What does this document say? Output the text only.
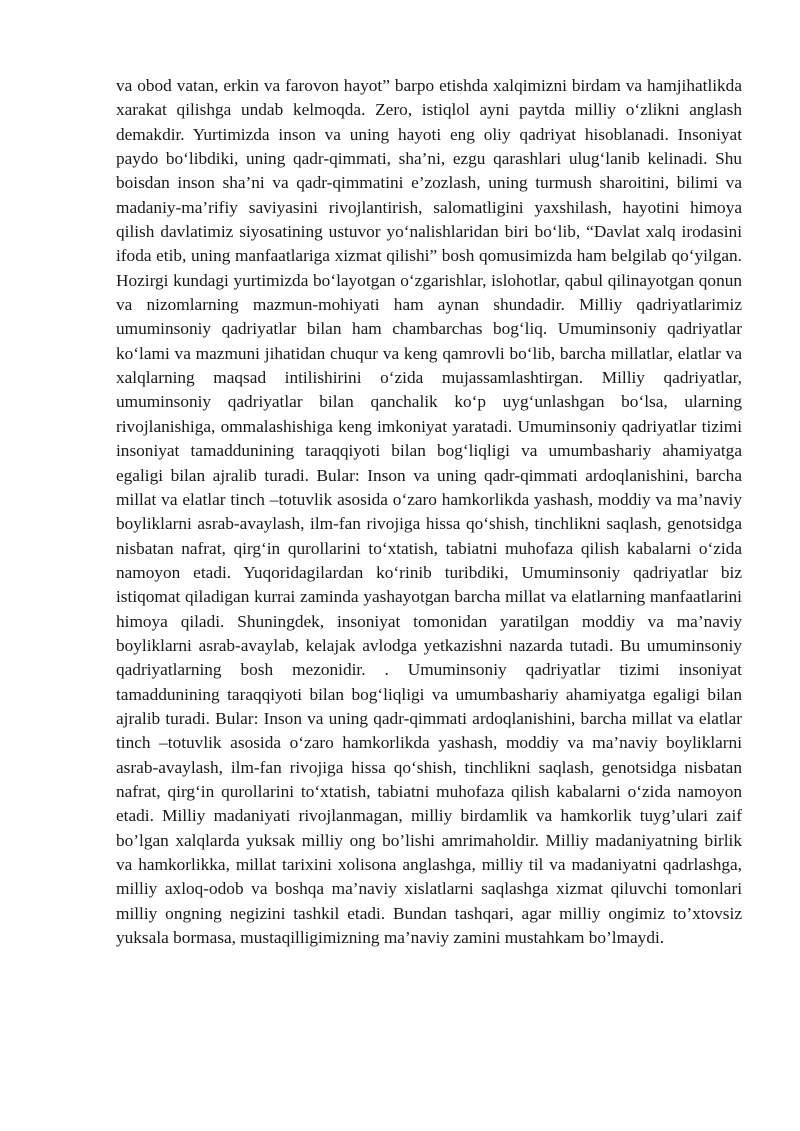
va obod vatan, erkin va farovon hayot” barpo etishda xalqimizni birdam va hamjihatlikda xarakat qilishga undab kelmoqda. Zero, istiqlol ayni paytda milliy o‘zlikni anglash demakdir. Yurtimizda inson va uning hayoti eng oliy qadriyat hisoblanadi. Insoniyat paydo bo‘libdiki, uning qadr-qimmati, sha’ni, ezgu qarashlari ulug‘lanib kelinadi. Shu boisdan inson sha’ni va qadr-qimmatini e’zozlash, uning turmush sharoitini, bilimi va madaniy-ma’rifiy saviyasini rivojlantirish, salomatligini yaxshilash, hayotini himoya qilish davlatimiz siyosatining ustuvor yo‘nalishlaridan biri bo‘lib, “Davlat xalq irodasini ifoda etib, uning manfaatlariga xizmat qilishi” bosh qomusimizda ham belgilab qo‘yilgan. Hozirgi kundagi yurtimizda bo‘layotgan o‘zgarishlar, islohotlar, qabul qilinayotgan qonun va nizomlarning mazmun-mohiyati ham aynan shundadir. Milliy qadriyatlarimiz umuminsoniy qadriyatlar bilan ham chambarchas bog‘liq. Umuminsoniy qadriyatlar ko‘lami va mazmuni jihatidan chuqur va keng qamrovli bo‘lib, barcha millatlar, elatlar va xalqlarning maqsad intilishirini o‘zida mujassamlashtirgan. Milliy qadriyatlar, umuminsoniy qadriyatlar bilan qanchalik ko‘p uyg‘unlashgan bo‘lsa, ularning rivojlanishiga, ommalashishiga keng imkoniyat yaratadi. Umuminsoniy qadriyatlar tizimi insoniyat tamaddunining taraqqiyoti bilan bog‘liqligi va umumbashariy ahamiyatga egaligi bilan ajralib turadi. Bular: Inson va uning qadr-qimmati ardoqlanishini, barcha millat va elatlar tinch –totuvlik asosida o‘zaro hamkorlikda yashash, moddiy va ma’naviy boyliklarni asrab-avaylash, ilm-fan rivojiga hissa qo‘shish, tinchlikni saqlash, genotsidga nisbatan nafrat, qirg‘in qurollarini to‘xtatish, tabiatni muhofaza qilish kabalarni o‘zida namoyon etadi. Yuqoridagilardan ko‘rinib turibdiki, Umuminsoniy qadriyatlar biz istiqomat qiladigan kurrai zaminda yashayotgan barcha millat va elatlarning manfaatlarini himoya qiladi. Shuningdek, insoniyat tomonidan yaratilgan moddiy va ma’naviy boyliklarni asrab-avaylab, kelajak avlodga yetkazishni nazarda tutadi. Bu umuminsoniy qadriyatlarning bosh mezonidir. . Umuminsoniy qadriyatlar tizimi insoniyat tamaddunining taraqqiyoti bilan bog‘liqligi va umumbashariy ahamiyatga egaligi bilan ajralib turadi. Bular: Inson va uning qadr-qimmati ardoqlanishini, barcha millat va elatlar tinch –totuvlik asosida o‘zaro hamkorlikda yashash, moddiy va ma’naviy boyliklarni asrab-avaylash, ilm-fan rivojiga hissa qo‘shish, tinchlikni saqlash, genotsidga nisbatan nafrat, qirg‘in qurollarini to‘xtatish, tabiatni muhofaza qilish kabalarni o‘zida namoyon etadi. Milliy madaniyati rivojlanmagan, milliy birdamlik va hamkorlik tuyg’ulari zaif bo’lgan xalqlarda yuksak milliy ong bo’lishi amrimaholdir. Milliy madaniyatning birlik va hamkorlikka, millat tarixini xolisona anglashga, milliy til va madaniyatni qadrlashga, milliy axloq-odob va boshqa ma’naviy xislatlarni saqlashga xizmat qiluvchi tomonlari milliy ongning negizini tashkil etadi. Bundan tashqari, agar milliy ongimiz to’xtovsiz yuksala bormasa, mustaqilligimizning ma’naviy zamini mustahkam bo’lmaydi.
